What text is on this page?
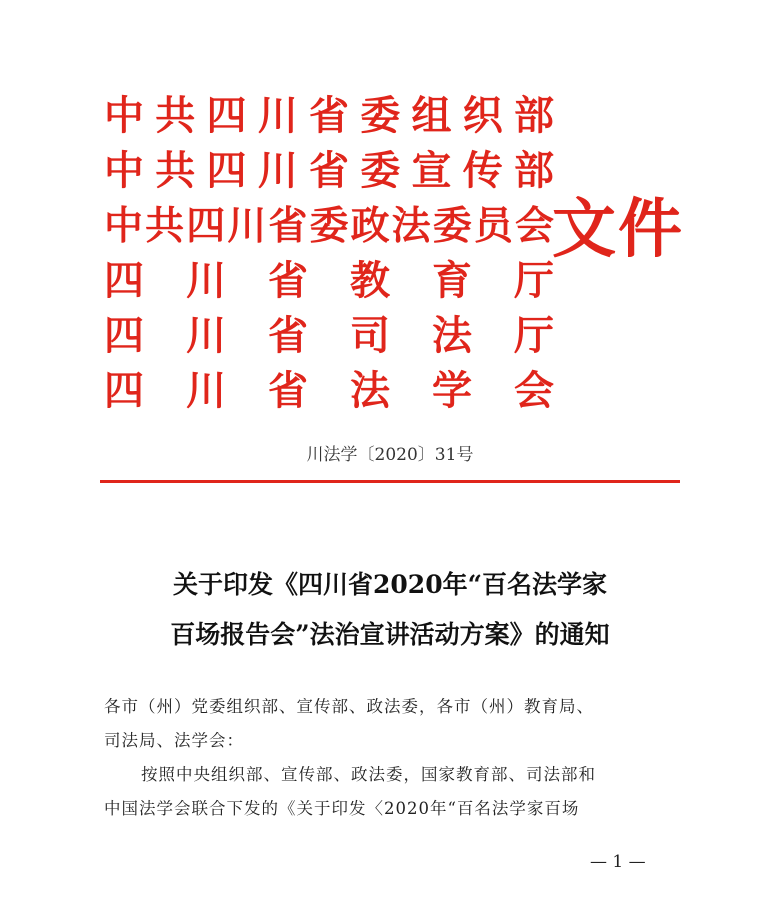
中 共 四 川 省 委 组 织 部
中 共 四 川 省 委 宣 传 部
中 共 四 川 省 委 政 法 委 员 会
四 川 省 教 育 厅
四 川 省 司 法 厅
四 川 省 法 学 会
文件
川法学〔2020〕31号
关于印发《四川省2020年“百名法学家
百场报告会”法治宣讲活动方案》的通知
各市（州）党委组织部、宣传部、政法委，各市（州）教育局、
司法局、法学会：
按照中央组织部、宣传部、政法委，国家教育部、司法部和
中国法学会联合下发的《关于印发〈2020年“百名法学家百场
— 1 —
